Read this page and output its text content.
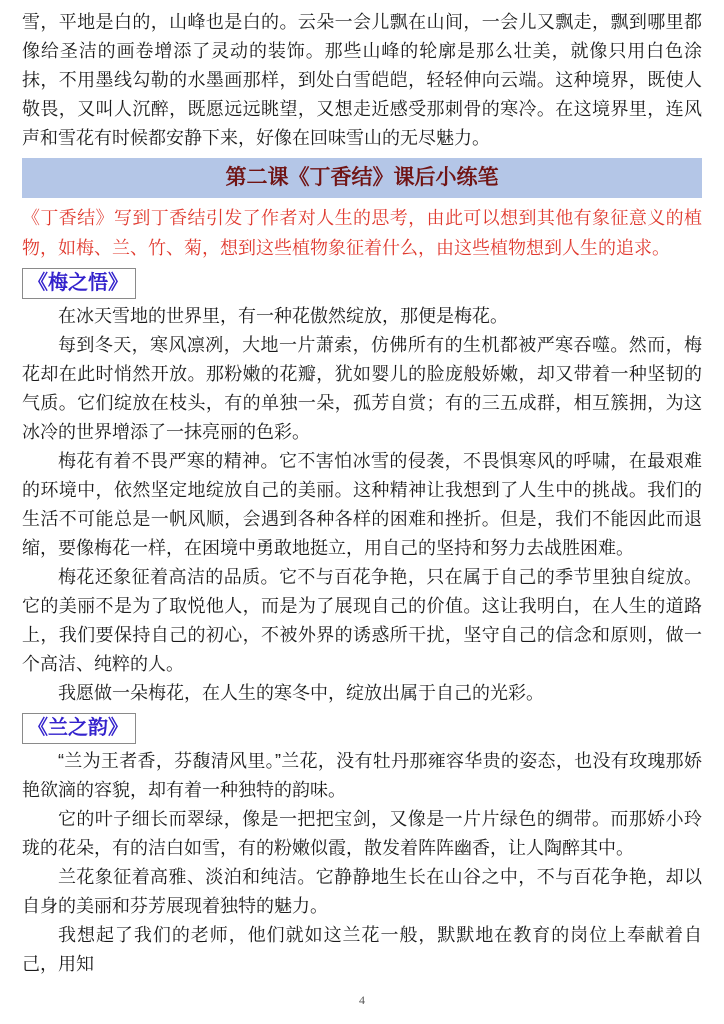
雪，平地是白的，山峰也是白的。云朵一会儿飘在山间，一会儿又飘走，飘到哪里都像给圣洁的画卷增添了灵动的装饰。那些山峰的轮廓是那么壮美，就像只用白色涂抹，不用墨线勾勒的水墨画那样，到处白雪皑皑，轻轻伸向云端。这种境界，既使人敬畏，又叫人沉醉，既愿远远眺望，又想走近感受那刺骨的寒冷。在这境界里，连风声和雪花有时候都安静下来，好像在回味雪山的无尽魅力。

第二课《丁香结》课后小练笔

《丁香结》写到丁香结引发了作者对人生的思考，由此可以想到其他有象征意义的植物，如梅、兰、竹、菊，想到这些植物象征着什么，由这些植物想到人生的追求。

《梅之悟》

在冰天雪地的世界里，有一种花傲然绽放，那便是梅花。

每到冬天，寒风凛冽，大地一片萧索，仿佛所有的生机都被严寒吞噬。然而，梅花却在此时悄然开放。那粉嫩的花瓣，犹如婴儿的脸庞般娇嫩，却又带着一种坚韧的气质。它们绽放在枝头，有的单独一朵，孤芳自赏；有的三五成群，相互簇拥，为这冰冷的世界增添了一抹亮丽的色彩。

梅花有着不畏严寒的精神。它不害怕冰雪的侵袭，不畏惧寒风的呼啸，在最艰难的环境中，依然坚定地绽放自己的美丽。这种精神让我想到了人生中的挑战。我们的生活不可能总是一帆风顺，会遇到各种各样的困难和挫折。但是，我们不能因此而退缩，要像梅花一样，在困境中勇敢地挺立，用自己的坚持和努力去战胜困难。

梅花还象征着高洁的品质。它不与百花争艳，只在属于自己的季节里独自绽放。它的美丽不是为了取悦他人，而是为了展现自己的价值。这让我明白，在人生的道路上，我们要保持自己的初心，不被外界的诱惑所干扰，坚守自己的信念和原则，做一个高洁、纯粹的人。

我愿做一朵梅花，在人生的寒冬中，绽放出属于自己的光彩。

《兰之韵》

“兰为王者香，芬馥清风里。”兰花，没有牡丹那雍容华贵的姿态，也没有玫瑰那娇艳欲滴的容貌，却有着一种独特的韵味。

它的叶子细长而翠绿，像是一把把宝剑，又像是一片片绿色的绸带。而那娇小玲珑的花朵，有的洁白如雪，有的粉嫩似霞，散发着阵阵幽香，让人陶醉其中。

兰花象征着高雅、淡泊和纯洁。它静静地生长在山谷之中，不与百花争艳，却以自身的美丽和芬芳展现着独特的魅力。

我想起了我们的老师，他们就如这兰花一般，默默地在教育的岗位上奉献着自己，用知

4
